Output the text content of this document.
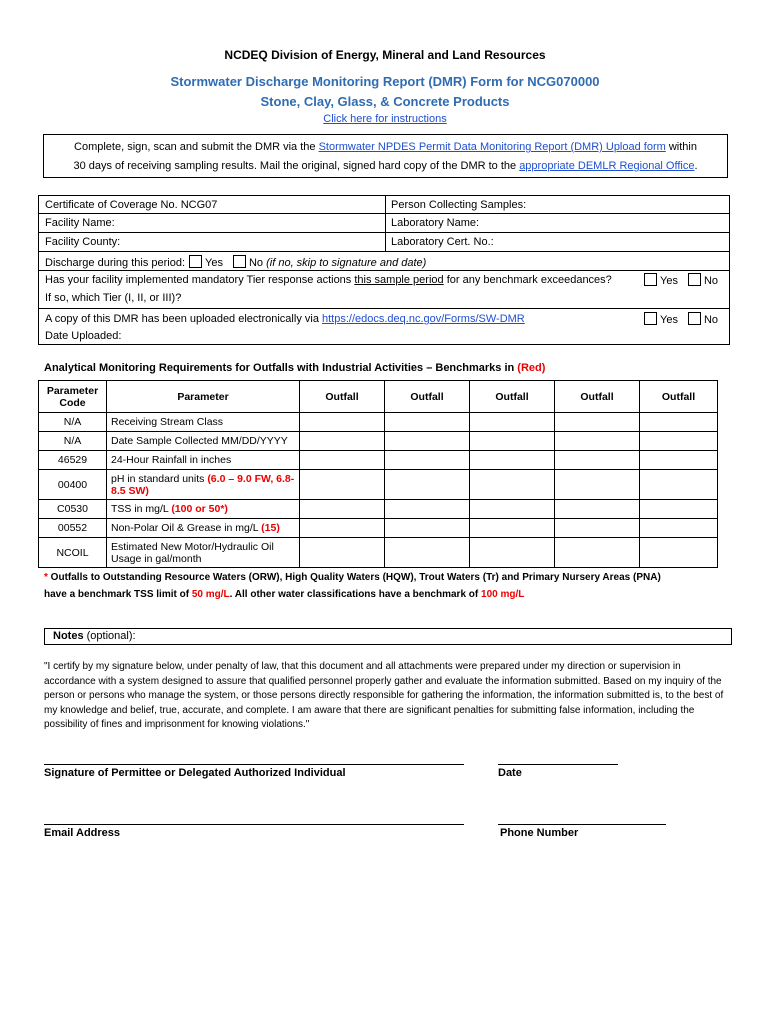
NCDEQ Division of Energy, Mineral and Land Resources
Stormwater Discharge Monitoring Report (DMR) Form for NCG070000
Stone, Clay, Glass, & Concrete Products
Click here for instructions
Complete, sign, scan and submit the DMR via the Stormwater NPDES Permit Data Monitoring Report (DMR) Upload form within
30 days of receiving sampling results. Mail the original, signed hard copy of the DMR to the appropriate DEMLR Regional Office.
Certificate of Coverage No. NCG07	Person Collecting Samples:
Facility Name:	Laboratory Name:
Facility County:	Laboratory Cert. No.:
Discharge during this period: Yes No (if no, skip to signature and date)
Has your facility implemented mandatory Tier response actions this sample period for any benchmark exceedances?	Yes No
If so, which Tier (I, II, or III)?
A copy of this DMR has been uploaded electronically via https://edocs.deq.nc.gov/Forms/SW-DMR	Yes No
Date Uploaded:
Analytical Monitoring Requirements for Outfalls with Industrial Activities – Benchmarks in (Red)
Parameter Code	Parameter	Outfall	Outfall	Outfall	Outfall	Outfall
N/A	Receiving Stream Class					
N/A	Date Sample Collected MM/DD/YYYY					
46529	24-Hour Rainfall in inches					
00400	pH in standard units (6.0 – 9.0 FW, 6.8-8.5 SW)					
C0530	TSS in mg/L (100 or 50*)					
00552	Non-Polar Oil & Grease in mg/L (15)					
NCOIL	Estimated New Motor/Hydraulic Oil Usage in gal/month					
* Outfalls to Outstanding Resource Waters (ORW), High Quality Waters (HQW), Trout Waters (Tr) and Primary Nursery Areas (PNA)
have a benchmark TSS limit of 50 mg/L. All other water classifications have a benchmark of 100 mg/L
Notes (optional):
"I certify by my signature below, under penalty of law, that this document and all attachments were prepared under my direction or supervision in accordance with a system designed to assure that qualified personnel properly gather and evaluate the information submitted. Based on my inquiry of the person or persons who manage the system, or those persons directly responsible for gathering the information, the information submitted is, to the best of my knowledge and belief, true, accurate, and complete. I am aware that there are significant penalties for submitting false information, including the possibility of fines and imprisonment for knowing violations."
Signature of Permittee or Delegated Authorized Individual	Date
Email Address	Phone Number
